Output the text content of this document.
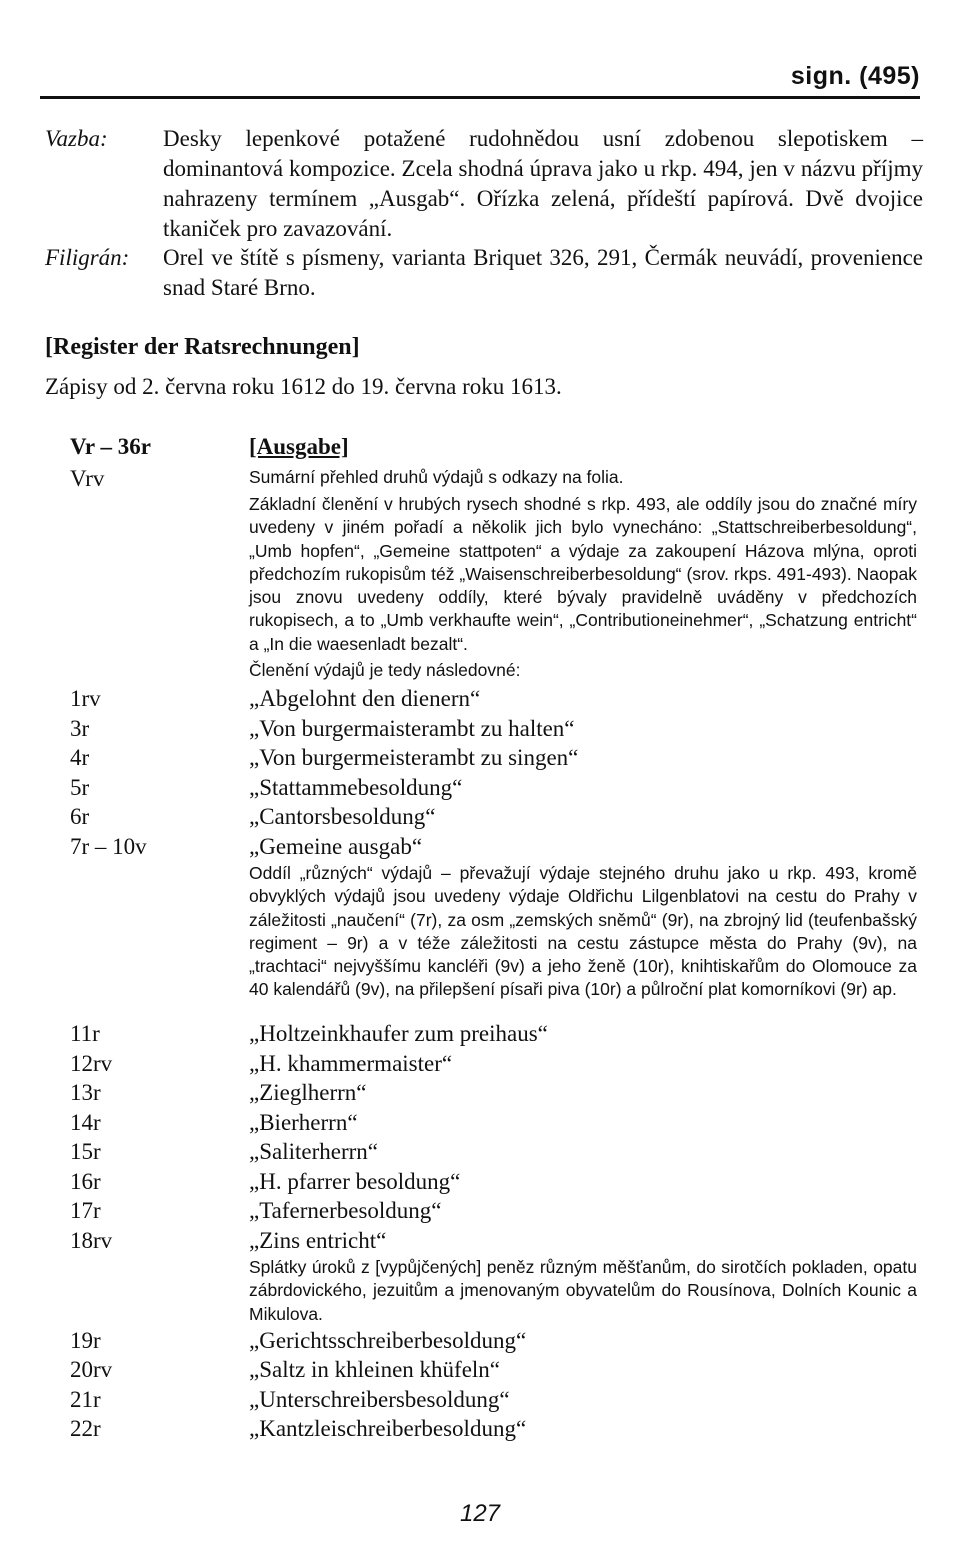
sign. (495)
Vazba: Desky lepenkové potažené rudohnědou usní zdobenou slepotiskem – dominantová kompozice. Zcela shodná úprava jako u rkp. 494, jen v názvu příjmy nahrazeny termínem „Ausgab“. Ořízka zelená, přídeští papírová. Dvě dvojice tkaniček pro zavazování.
Filigrán: Orel ve štítě s písmeny, varianta Briquet 326, 291, Čermák neuvádí, provenience snad Staré Brno.
[Register der Ratsrechnungen]
Zápisy od 2. června roku 1612 do 19. června roku 1613.
Vr – 36r	[Ausgabe]
Vrv	Sumární přehled druhů výdajů s odkazy na folia.
Základní členění v hrubých rysech shodné s rkp. 493, ale oddíly jsou do značné míry uvedeny v jiném pořadí a několik jich bylo vynecháno: „Stattschreiberbesoldung“, „Umb hopfen“, „Gemeine stattpoten“ a výdaje za zakoupení Házova mlýna, oproti předchozím rukopisům též „Waisenschreiberbesoldung“ (srov. rkps. 491-493). Naopak jsou znovu uvedeny oddíly, které bývaly pravidelně uváděny v předchozích rukopisech, a to „Umb verkhaufte wein“, „Contributioneinehmer“, „Schatzung entricht“ a „In die waesenladt bezalt“.
Členění výdajů je tedy následovné:
1rv	„Abgelohnt den dienern“
3r	„Von burgermaisterambt zu halten“
4r	„Von burgermeisterambt zu singen“
5r	„Stattammebesoldung“
6r	„Cantorsbesoldung“
7r – 10v	„Gemeine ausgab“
Oddíl „různých“ výdajů – převažují výdaje stejného druhu jako u rkp. 493, kromě obvyklých výdajů jsou uvedeny výdaje Oldřichu Lilgenblatovi na cestu do Prahy v záležitosti „naučení“ (7r), za osm „zemských sněmů“ (9r), na zbrojný lid (teufenbašský regiment – 9r) a v téže záležitosti na cestu zástupce města do Prahy (9v), na „trachtaci“ nejvyššímu kancléři (9v) a jeho ženě (10r), knihtiskařům do Olomouce za 40 kalendářů (9v), na přilepšení písaři piva (10r) a půlroční plat komorníkovi (9r) ap.
11r	„Holtzeinkhaufer zum preihaus“
12rv	„H. khammermaister“
13r	„Zieglherrn“
14r	„Bierherrn“
15r	„Saliterherrn“
16r	„H. pfarrer besoldung“
17r	„Tafernerbesoldung“
18rv	„Zins entricht“
Splátky úroků z [vypůjčených] peněz různým měšťanům, do sirotčích pokladen, opatu zábrdovického, jezuitům a jmenovaným obyvatelům do Rousínova, Dolních Kounic a Mikulova.
19r	„Gerichtsschreiberbesoldung“
20rv	„Saltz in khleinen khüfeln“
21r	„Unterschreibersbesoldung“
22r	„Kantzleischreiberbesoldung“
127
